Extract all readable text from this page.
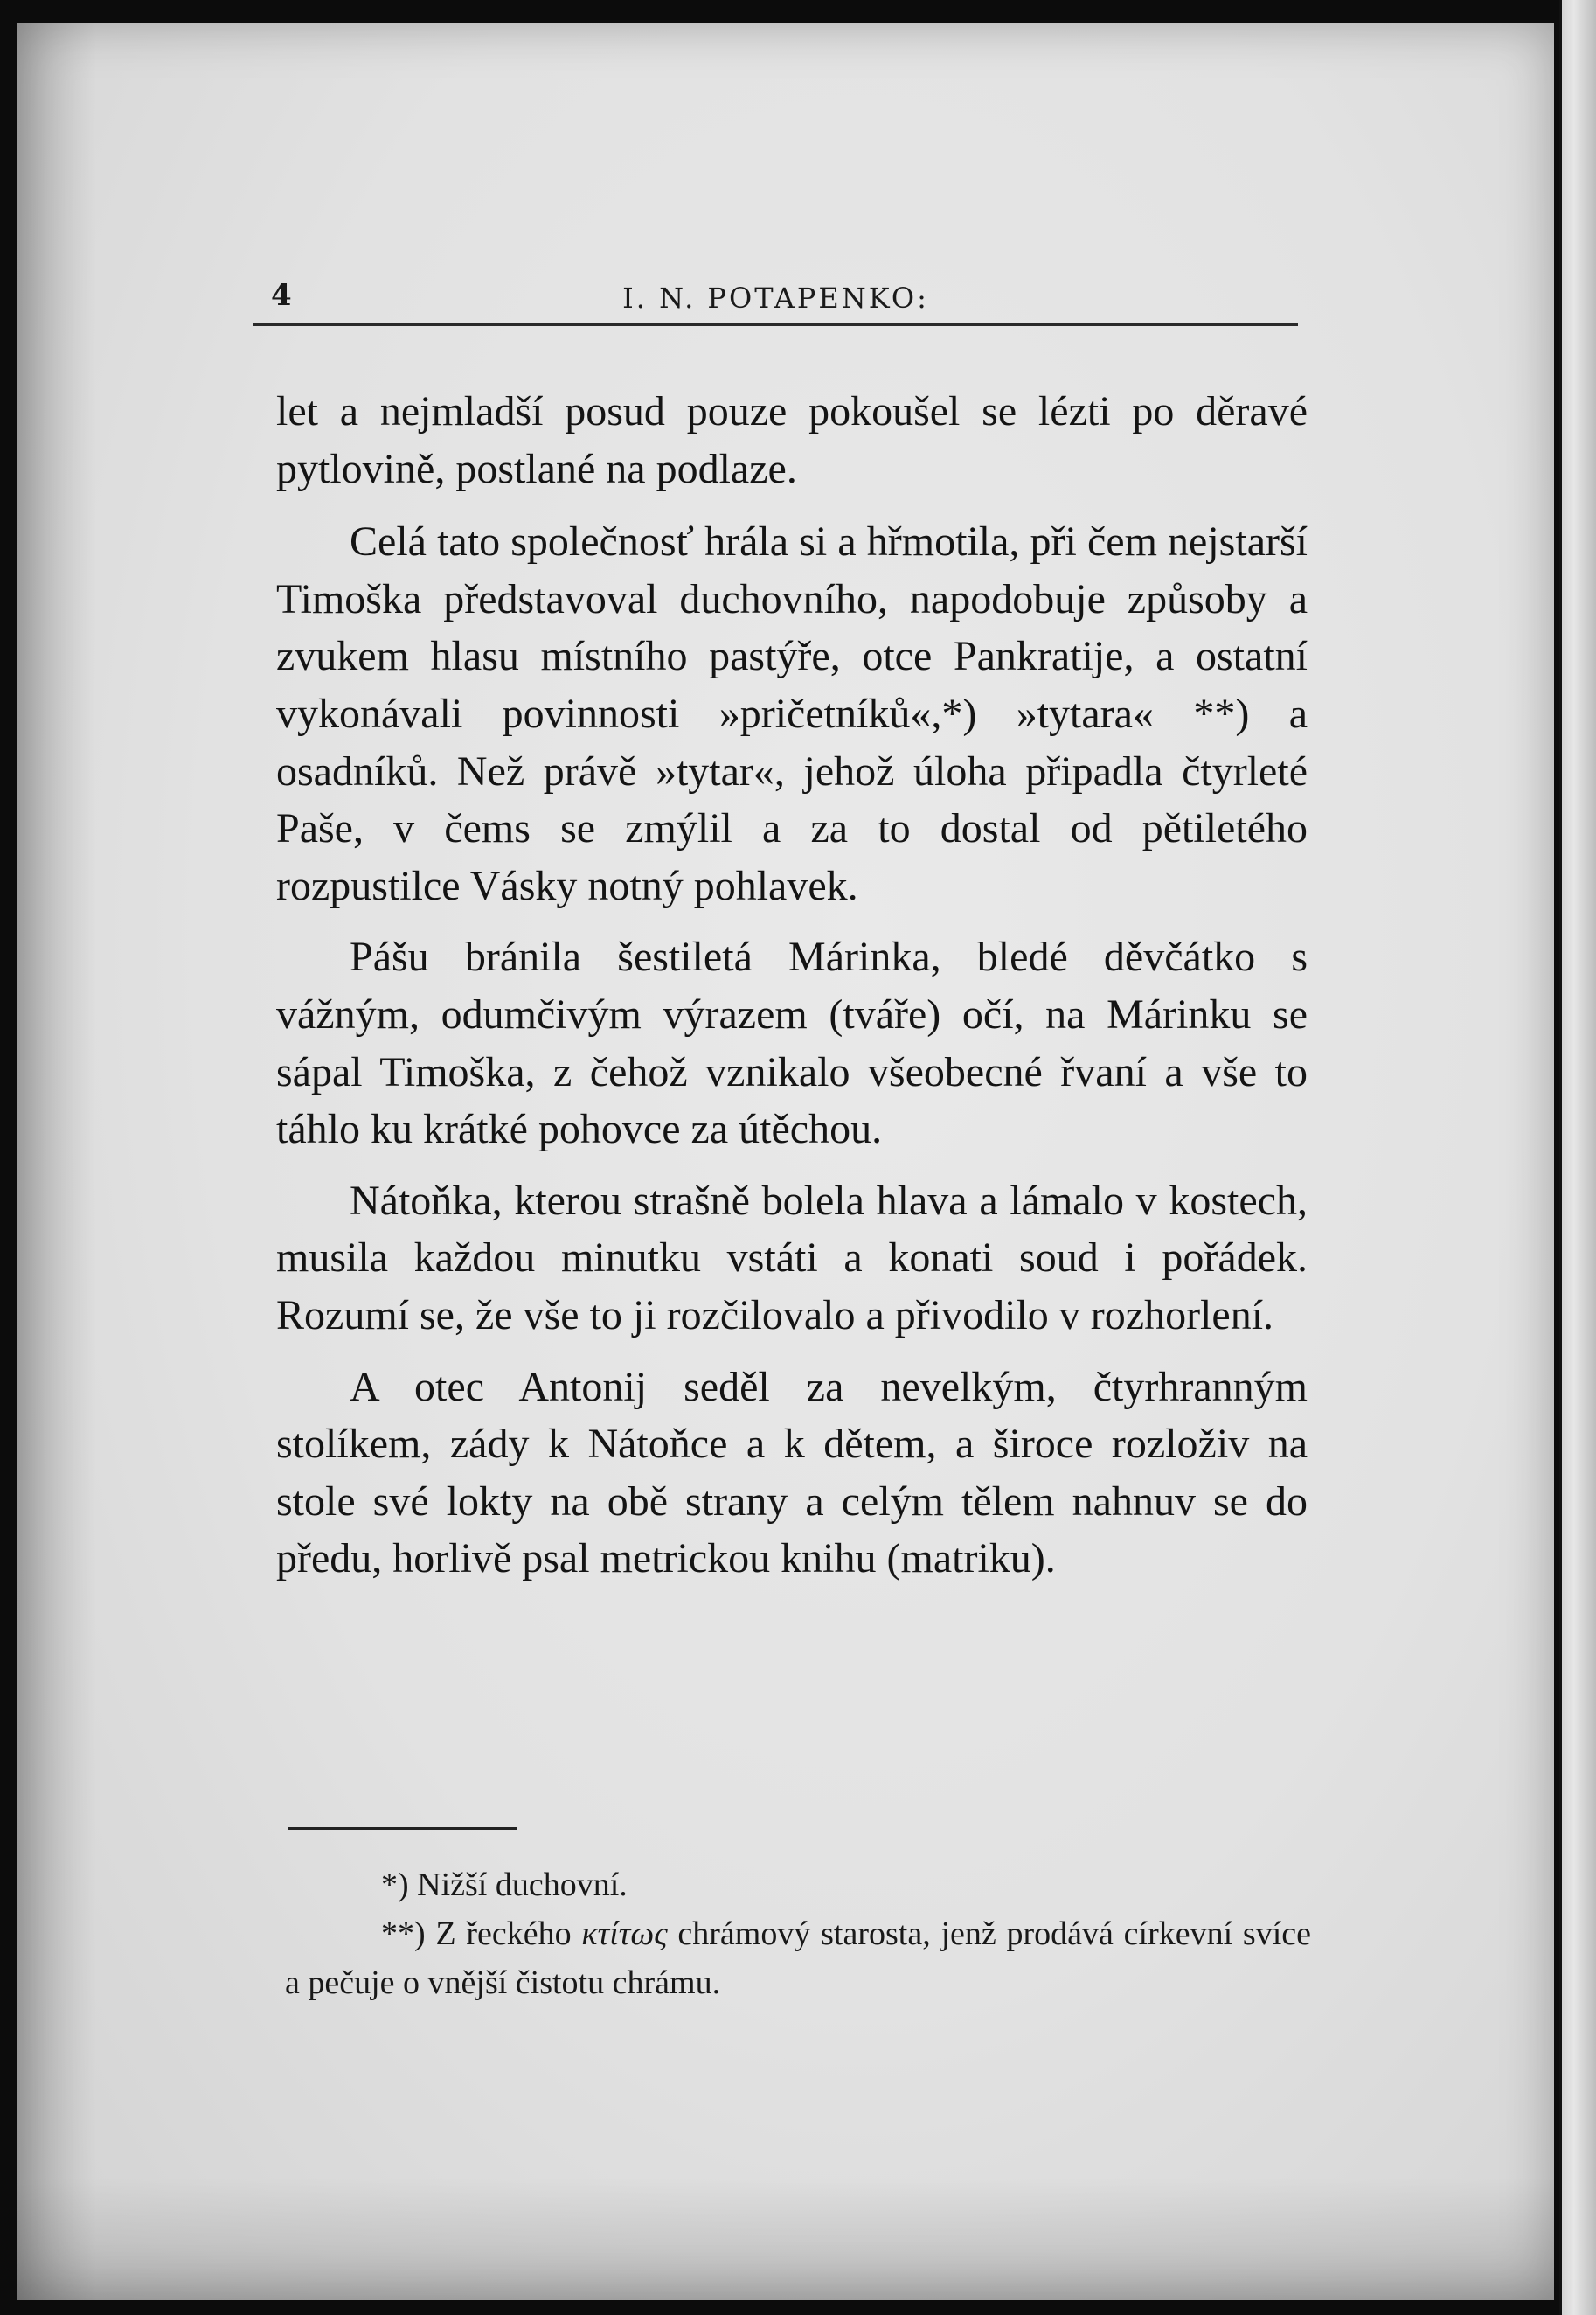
4	I. N. POTAPENKO:

let a nejmladší posud pouze pokoušel se lézti po děravé pytlovině, postlané na podlaze.

Celá tato společnosť hrála si a hřmotila, při čem nejstarší Timoška představoval duchovního, napodobuje způsoby a zvukem hlasu místního pastýře, otce Pankratije, a ostatní vykonávali povinnosti »pričetníků«,*) »tytara« **) a osadníků. Než právě »tytar«, jehož úloha připadla čtyrleté Paše, v čems se zmýlil a za to dostal od pětiletého rozpustilce Vásky notný pohlavek.

Pášu bránila šestiletá Márinka, bledé děvčátko s vážným, odumčivým výrazem (tváře) očí, na Márinku se sápal Timoška, z čehož vznikalo všeobecné řvaní a vše to táhlo ku krátké pohovce za útěchou.

Nátoňka, kterou strašně bolela hlava a lámalo v kostech, musila každou minutku vstáti a konati soud i pořádek. Rozumí se, že vše to ji rozčilovalo a přivodilo v rozhorlení.

A otec Antonij seděl za nevelkým, čtyrhranným stolíkem, zády k Nátoňce a k dětem, a široce rozloživ na stole své lokty na obě strany a celým tělem nahnuv se do předu, horlivě psal metrickou knihu (matriku).

*) Nižší duchovní.

**) Z řeckého κτίτως chrámový starosta, jenž prodává církevní svíce a pečuje o vnější čistotu chrámu.
